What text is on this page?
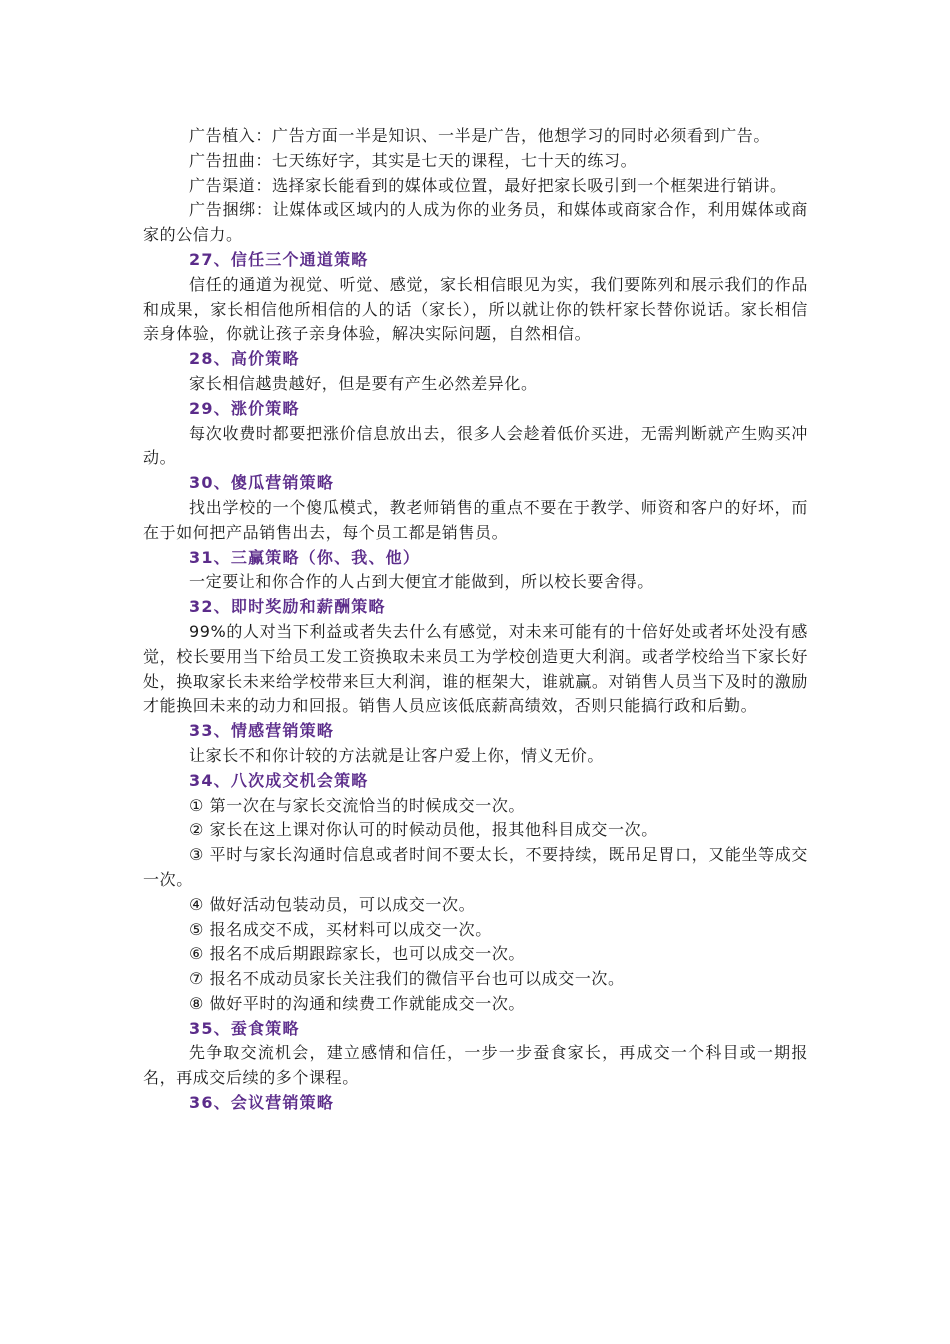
广告植入：广告方面一半是知识、一半是广告，他想学习的同时必须看到广告。

广告扭曲：七天练好字，其实是七天的课程，七十天的练习。

广告渠道：选择家长能看到的媒体或位置，最好把家长吸引到一个框架进行销讲。

广告捆绑：让媒体或区域内的人成为你的业务员，和媒体或商家合作，利用媒体或商家的公信力。

27、信任三个通道策略

信任的通道为视觉、听觉、感觉，家长相信眼见为实，我们要陈列和展示我们的作品和成果，家长相信他所相信的人的话（家长），所以就让你的铁杆家长替你说话。家长相信亲身体验，你就让孩子亲身体验，解决实际问题，自然相信。

28、高价策略

家长相信越贵越好，但是要有产生必然差异化。

29、涨价策略

每次收费时都要把涨价信息放出去，很多人会趁着低价买进，无需判断就产生购买冲动。

30、傻瓜营销策略

找出学校的一个傻瓜模式，教老师销售的重点不要在于教学、师资和客户的好坏，而在于如何把产品销售出去，每个员工都是销售员。

31、三赢策略（你、我、他）

一定要让和你合作的人占到大便宜才能做到，所以校长要舍得。

32、即时奖励和薪酬策略

99%的人对当下利益或者失去什么有感觉，对未来可能有的十倍好处或者坏处没有感觉，校长要用当下给员工发工资换取未来员工为学校创造更大利润。或者学校给当下家长好处，换取家长未来给学校带来巨大利润，谁的框架大，谁就赢。对销售人员当下及时的激励才能换回未来的动力和回报。销售人员应该低底薪高绩效，否则只能搞行政和后勤。

33、情感营销策略

让家长不和你计较的方法就是让客户爱上你，情义无价。

34、八次成交机会策略

① 第一次在与家长交流恰当的时候成交一次。

② 家长在这上课对你认可的时候动员他，报其他科目成交一次。

③ 平时与家长沟通时信息或者时间不要太长，不要持续，既吊足胃口，又能坐等成交一次。

④ 做好活动包装动员，可以成交一次。

⑤ 报名成交不成，买材料可以成交一次。

⑥ 报名不成后期跟踪家长，也可以成交一次。

⑦ 报名不成动员家长关注我们的微信平台也可以成交一次。

⑧ 做好平时的沟通和续费工作就能成交一次。

35、蚕食策略

先争取交流机会，建立感情和信任，一步一步蚕食家长，再成交一个科目或一期报名，再成交后续的多个课程。

36、会议营销策略
